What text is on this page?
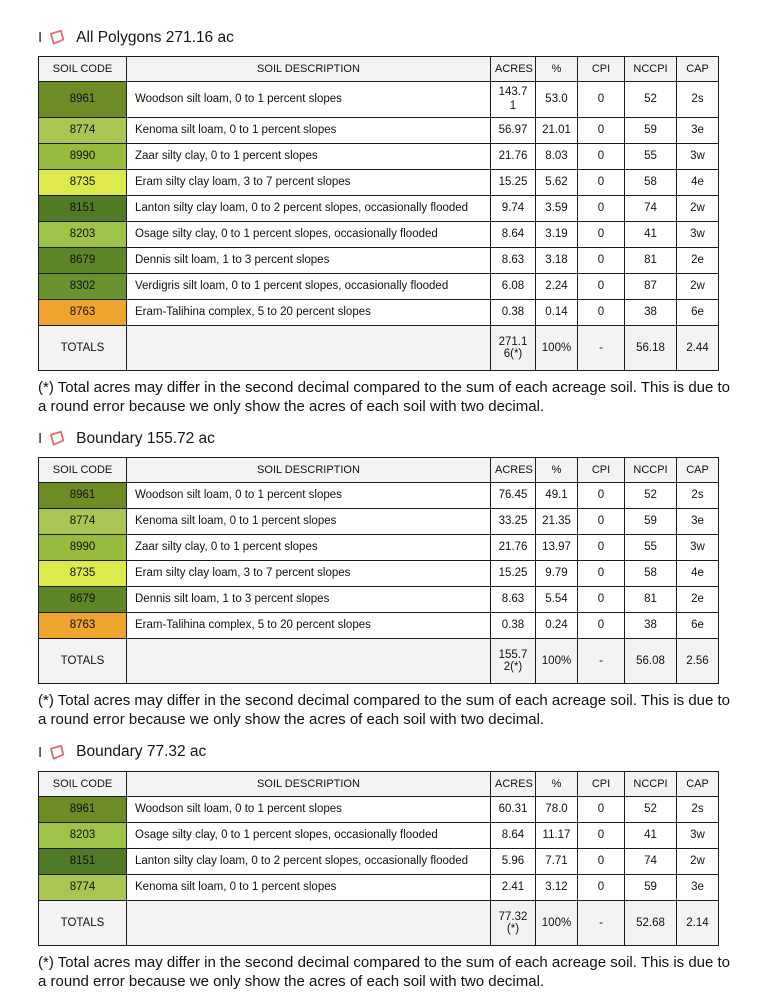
I All Polygons 271.16 ac
SOIL CODE	SOIL DESCRIPTION	ACRES	%	CPI	NCCPI	CAP
8961	Woodson silt loam, 0 to 1 percent slopes	143.71	53.0	0	52	2s
8774	Kenoma silt loam, 0 to 1 percent slopes	56.97	21.01	0	59	3e
8990	Zaar silty clay, 0 to 1 percent slopes	21.76	8.03	0	55	3w
8735	Eram silty clay loam, 3 to 7 percent slopes	15.25	5.62	0	58	4e
8151	Lanton silty clay loam, 0 to 2 percent slopes, occasionally flooded	9.74	3.59	0	74	2w
8203	Osage silty clay, 0 to 1 percent slopes, occasionally flooded	8.64	3.19	0	41	3w
8679	Dennis silt loam, 1 to 3 percent slopes	8.63	3.18	0	81	2e
8302	Verdigris silt loam, 0 to 1 percent slopes, occasionally flooded	6.08	2.24	0	87	2w
8763	Eram-Talihina complex, 5 to 20 percent slopes	0.38	0.14	0	38	6e
TOTALS		271.16(*)	100%	-	56.18	2.44

(*) Total acres may differ in the second decimal compared to the sum of each acreage soil. This is due to a round error because we only show the acres of each soil with two decimal.

I Boundary 155.72 ac
SOIL CODE	SOIL DESCRIPTION	ACRES	%	CPI	NCCPI	CAP
8961	Woodson silt loam, 0 to 1 percent slopes	76.45	49.1	0	52	2s
8774	Kenoma silt loam, 0 to 1 percent slopes	33.25	21.35	0	59	3e
8990	Zaar silty clay, 0 to 1 percent slopes	21.76	13.97	0	55	3w
8735	Eram silty clay loam, 3 to 7 percent slopes	15.25	9.79	0	58	4e
8679	Dennis silt loam, 1 to 3 percent slopes	8.63	5.54	0	81	2e
8763	Eram-Talihina complex, 5 to 20 percent slopes	0.38	0.24	0	38	6e
TOTALS		155.72(*)	100%	-	56.08	2.56

(*) Total acres may differ in the second decimal compared to the sum of each acreage soil. This is due to a round error because we only show the acres of each soil with two decimal.

I Boundary 77.32 ac
SOIL CODE	SOIL DESCRIPTION	ACRES	%	CPI	NCCPI	CAP
8961	Woodson silt loam, 0 to 1 percent slopes	60.31	78.0	0	52	2s
8203	Osage silty clay, 0 to 1 percent slopes, occasionally flooded	8.64	11.17	0	41	3w
8151	Lanton silty clay loam, 0 to 2 percent slopes, occasionally flooded	5.96	7.71	0	74	2w
8774	Kenoma silt loam, 0 to 1 percent slopes	2.41	3.12	0	59	3e
TOTALS		77.32(*)	100%	-	52.68	2.14

(*) Total acres may differ in the second decimal compared to the sum of each acreage soil. This is due to a round error because we only show the acres of each soil with two decimal.
